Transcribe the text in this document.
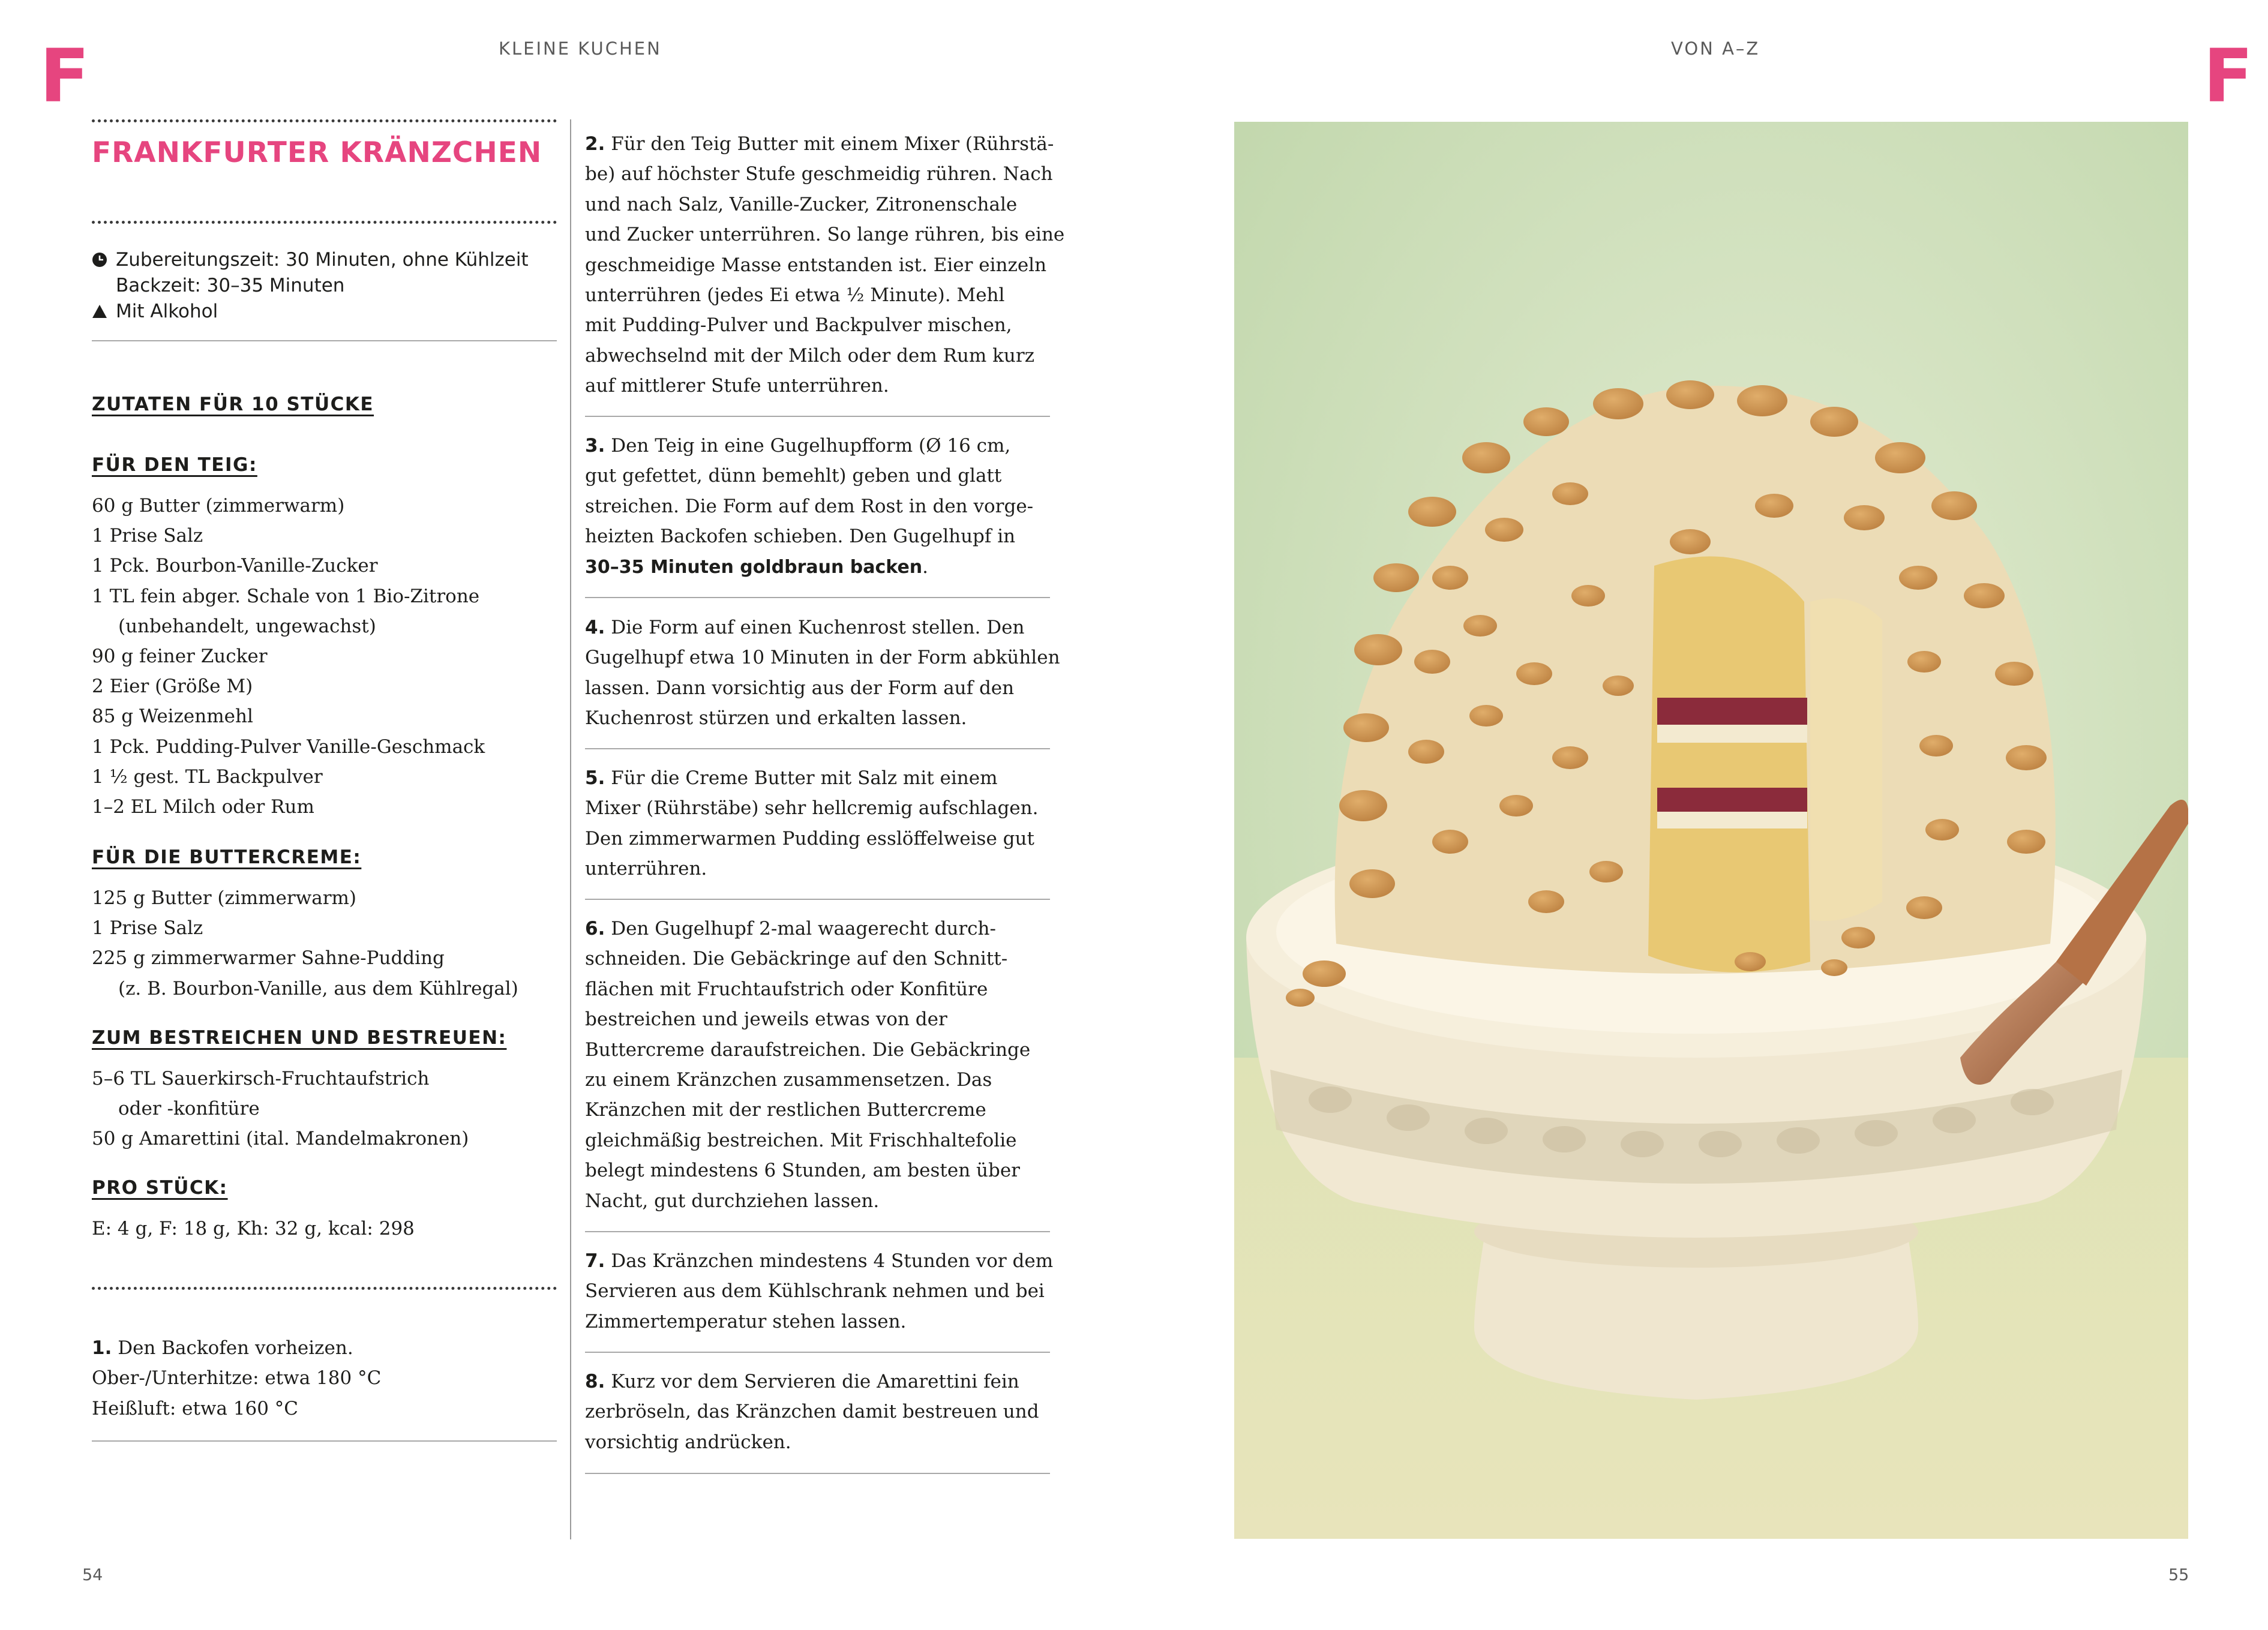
F	F
KLEINE KUCHEN	VON A–Z
FRANKFURTER KRÄNZCHEN
Zubereitungszeit: 30 Minuten, ohne Kühlzeit
Backzeit: 30–35 Minuten
Mit Alkohol
ZUTATEN FÜR 10 STÜCKE
FÜR DEN TEIG:
60 g Butter (zimmerwarm)
1 Prise Salz
1 Pck. Bourbon-Vanille-Zucker
1 TL fein abger. Schale von 1 Bio-Zitrone
(unbehandelt, ungewachst)
90 g feiner Zucker
2 Eier (Größe M)
85 g Weizenmehl
1 Pck. Pudding-Pulver Vanille-Geschmack
1 ½ gest. TL Backpulver
1–2 EL Milch oder Rum
FÜR DIE BUTTERCREME:
125 g Butter (zimmerwarm)
1 Prise Salz
225 g zimmerwarmer Sahne-Pudding
(z. B. Bourbon-Vanille, aus dem Kühlregal)
ZUM BESTREICHEN UND BESTREUEN:
5–6 TL Sauerkirsch-Fruchtaufstrich
oder -konfitüre
50 g Amarettini (ital. Mandelmakronen)
PRO STÜCK:
E: 4 g, F: 18 g, Kh: 32 g, kcal: 298
1. Den Backofen vorheizen.
Ober-/Unterhitze: etwa 180 °C
Heißluft: etwa 160 °C
2. Für den Teig Butter mit einem Mixer (Rührstä-
be) auf höchster Stufe geschmeidig rühren. Nach
und nach Salz, Vanille-Zucker, Zitronenschale
und Zucker unterrühren. So lange rühren, bis eine
geschmeidige Masse entstanden ist. Eier einzeln
unterrühren (jedes Ei etwa ½ Minute). Mehl
mit Pudding-Pulver und Backpulver mischen,
abwechselnd mit der Milch oder dem Rum kurz
auf mittlerer Stufe unterrühren.
3. Den Teig in eine Gugelhupfform (Ø 16 cm,
gut gefettet, dünn bemehlt) geben und glatt
streichen. Die Form auf dem Rost in den vorge-
heizten Backofen schieben. Den Gugelhupf in
30–35 Minuten goldbraun backen.
4. Die Form auf einen Kuchenrost stellen. Den
Gugelhupf etwa 10 Minuten in der Form abkühlen
lassen. Dann vorsichtig aus der Form auf den
Kuchenrost stürzen und erkalten lassen.
5. Für die Creme Butter mit Salz mit einem
Mixer (Rührstäbe) sehr hellcremig aufschlagen.
Den zimmerwarmen Pudding esslöffelweise gut
unterrühren.
6. Den Gugelhupf 2-mal waagerecht durch-
schneiden. Die Gebäckringe auf den Schnitt-
flächen mit Fruchtaufstrich oder Konfitüre
bestreichen und jeweils etwas von der
Buttercreme daraufstreichen. Die Gebäckringe
zu einem Kränzchen zusammensetzen. Das
Kränzchen mit der restlichen Buttercreme
gleichmäßig bestreichen. Mit Frischhaltefolie
belegt mindestens 6 Stunden, am besten über
Nacht, gut durchziehen lassen.
7. Das Kränzchen mindestens 4 Stunden vor dem
Servieren aus dem Kühlschrank nehmen und bei
Zimmertemperatur stehen lassen.
8. Kurz vor dem Servieren die Amarettini fein
zerbröseln, das Kränzchen damit bestreuen und
vorsichtig andrücken.
54	55
